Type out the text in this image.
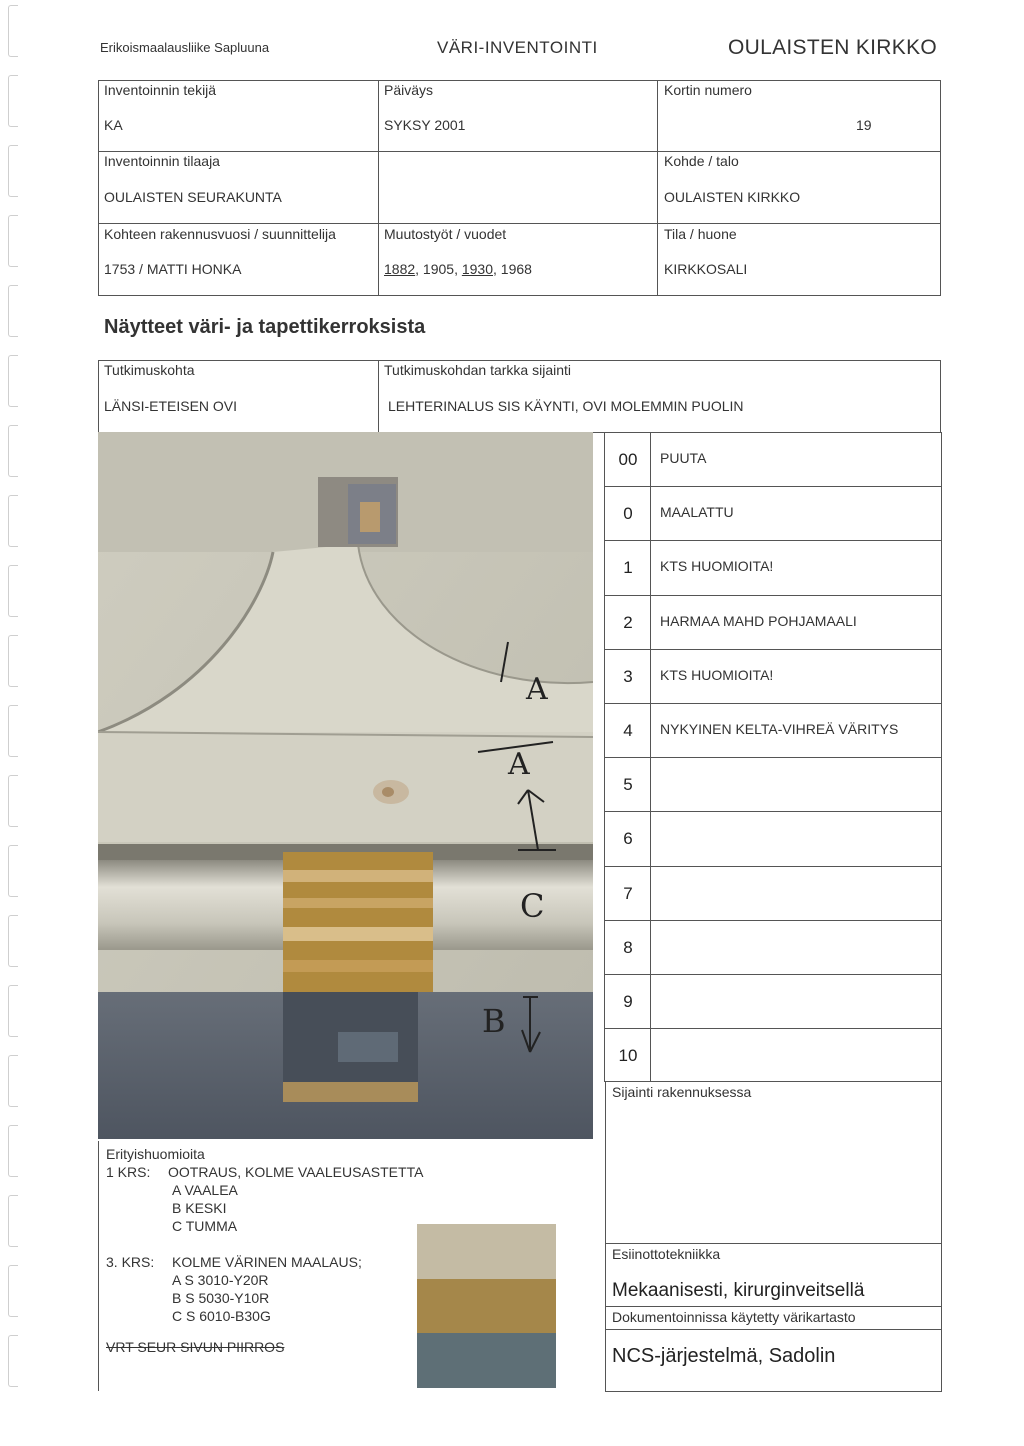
Erikoismaalausliike Sapluuna	VÄRI-INVENTOINTI	OULAISTEN KIRKKO
Inventoinnin tekijä
KA
Päiväys
SYKSY 2001
Kortin numero
19
Inventoinnin tilaaja
OULAISTEN SEURAKUNTA
Kohde / talo
OULAISTEN KIRKKO
Kohteen rakennusvuosi / suunnittelija
1753 / MATTI HONKA
Muutostyöt / vuodet
1882, 1905, 1930, 1968
Tila / huone
KIRKKOSALI
Näytteet väri- ja tapettikerroksista
Tutkimuskohta
LÄNSI-ETEISEN OVI
Tutkimuskohdan tarkka sijainti
LEHTERINALUS SIS KÄYNTI, OVI MOLEMMIN PUOLIN
A
A
C
B
00	PUUTA
0	MAALATTU
1	KTS HUOMIOITA!
2	HARMAA MAHD POHJAMAALI
3	KTS HUOMIOITA!
4	NYKYINEN KELTA-VIHREÄ VÄRITYS
5
6
7
8
9
10
Sijainti rakennuksessa
Erityishuomioita
1 KRS: OOTRAUS, KOLME VAALEUSASTETTA
A VAALEA
B KESKI
C TUMMA
3. KRS: KOLME VÄRINEN MAALAUS;
A S 3010-Y20R
B S 5030-Y10R
C S 6010-B30G
VRT SEUR SIVUN PIIRROS
Esiinottotekniikka
Mekaanisesti, kirurginveitsellä
Dokumentoinnissa käytetty värikartasto
NCS-järjestelmä, Sadolin
